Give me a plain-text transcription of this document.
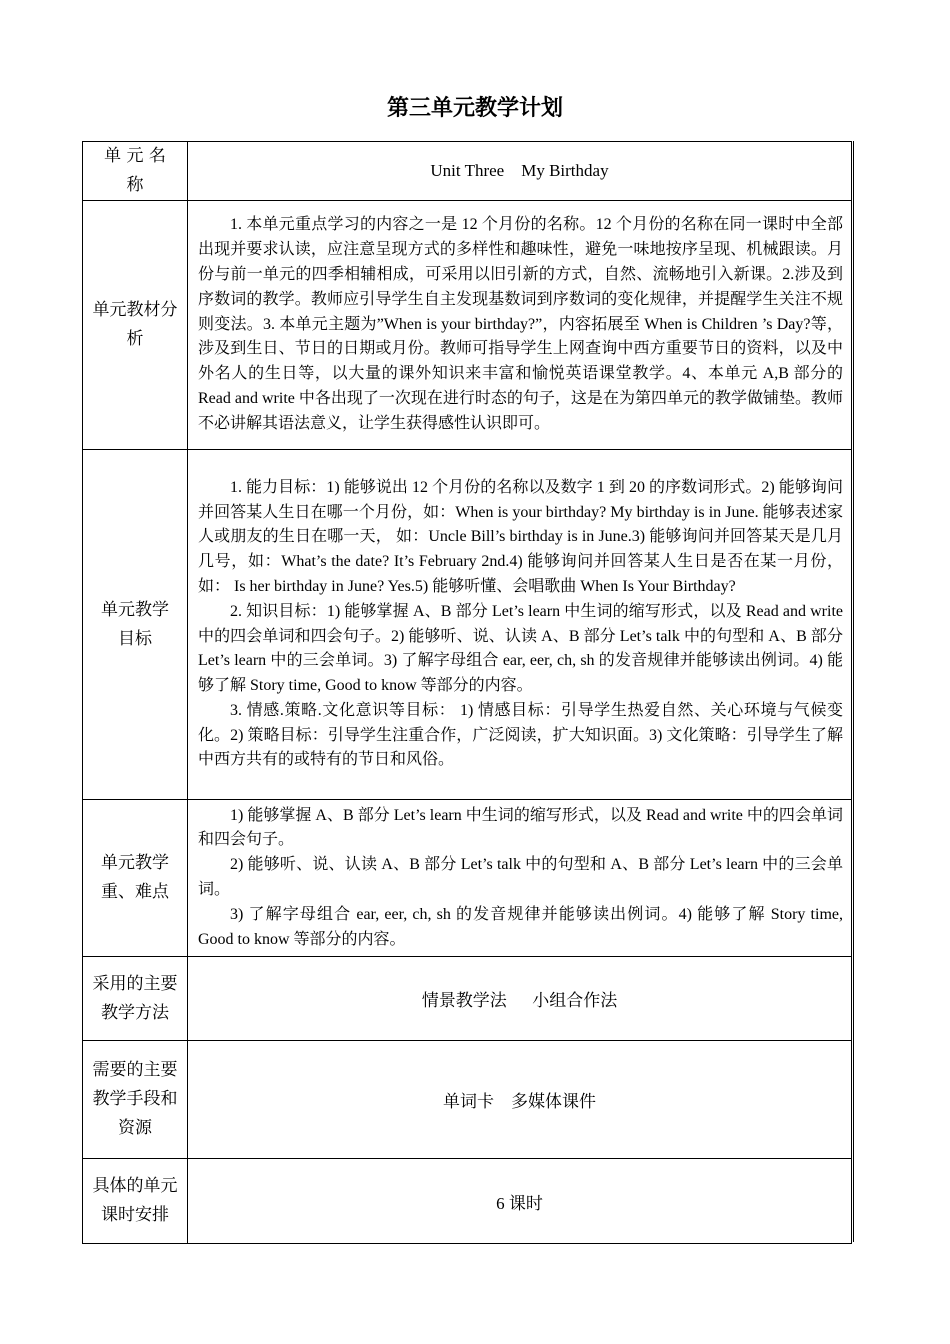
第三单元教学计划
单 元 名 称	Unit Three    My Birthday
单元教材分析	1. 本单元重点学习的内容之一是 12 个月份的名称。12 个月份的名称在同一课时中全部出现并要求认读，应注意呈现方式的多样性和趣味性，避免一味地按序呈现、机械跟读。月份与前一单元的四季相辅相成，可采用以旧引新的方式，自然、流畅地引入新课。2.涉及到序数词的教学。教师应引导学生自主发现基数词到序数词的变化规律，并提醒学生关注不规则变法。3. 本单元主题为”When is your birthday?”，内容拓展至 When is Children ’s Day?等，涉及到生日、节日的日期或月份。教师可指导学生上网查询中西方重要节日的资料，以及中外名人的生日等，以大量的课外知识来丰富和愉悦英语课堂教学。4、本单元 A,B 部分的 Read and write 中各出现了一次现在进行时态的句子，这是在为第四单元的教学做铺垫。教师不必讲解其语法意义，让学生获得感性认识即可。

单元教学目标	1. 能力目标：1) 能够说出 12 个月份的名称以及数字 1 到 20 的序数词形式。2) 能够询问并回答某人生日在哪一个月份，如：When is your birthday? My birthday is in June. 能够表述家人或朋友的生日在哪一天， 如：Uncle Bill’s birthday is in June.3) 能够询问并回答某天是几月几号，如：What’s the date? It’s February 2nd.4) 能够询问并回答某人生日是否在某一月份， 如： Is her birthday in June? Yes.5) 能够听懂、会唱歌曲 When Is Your Birthday?

2. 知识目标：1) 能够掌握 A、B 部分 Let’s learn 中生词的缩写形式，以及 Read and write 中的四会单词和四会句子。2) 能够听、说、认读 A、B 部分 Let’s talk 中的句型和 A、B 部分 Let’s learn 中的三会单词。3) 了解字母组合 ear, eer, ch, sh 的发音规律并能够读出例词。4) 能够了解 Story time, Good to know 等部分的内容。

3. 情感.策略.文化意识等目标： 1) 情感目标：引导学生热爱自然、关心环境与气候变化。2) 策略目标：引导学生注重合作，广泛阅读，扩大知识面。3) 文化策略：引导学生了解中西方共有的或特有的节日和风俗。

单元教学重、难点	1) 能够掌握 A、B 部分 Let’s learn 中生词的缩写形式，以及 Read and write 中的四会单词和四会句子。

2) 能够听、说、认读 A、B 部分 Let’s talk 中的句型和 A、B 部分 Let’s learn 中的三会单词。

3) 了解字母组合 ear, eer, ch, sh 的发音规律并能够读出例词。4) 能够了解 Story time, Good to know 等部分的内容。

采用的主要教学方法	情景教学法      小组合作法
需要的主要教学手段和资源	单词卡    多媒体课件
具体的单元课时安排	6 课时
